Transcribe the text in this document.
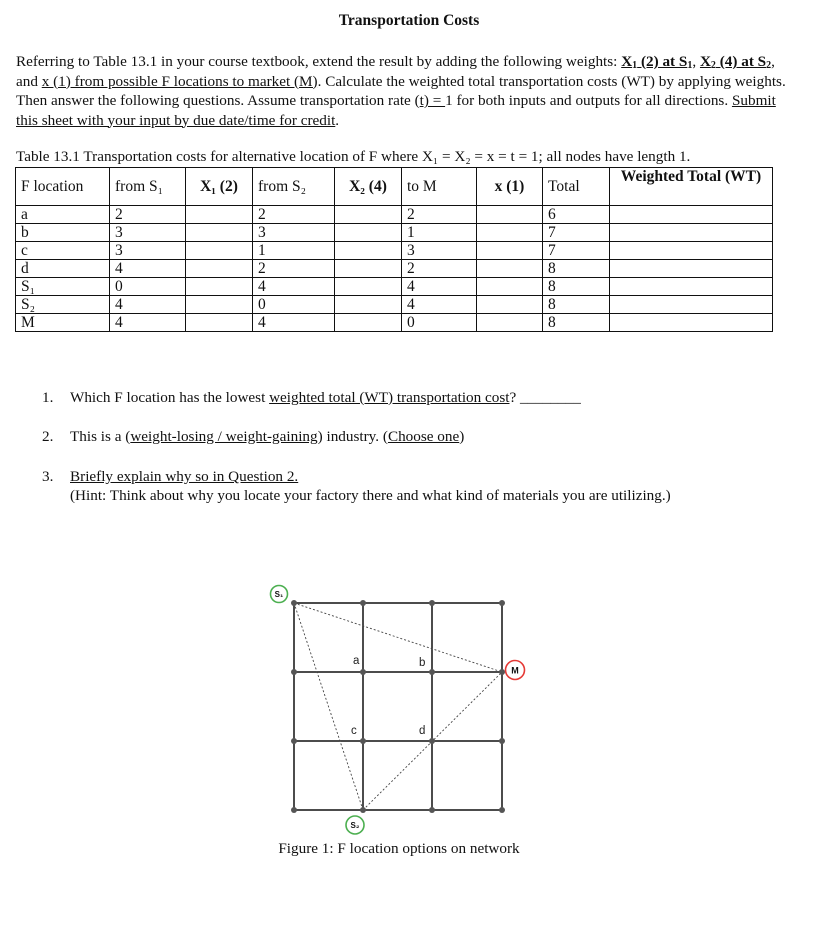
Transportation Costs
Referring to Table 13.1 in your course textbook, extend the result by adding the following weights: $X_1$ (2) at $S_1$, $X_2$ (4) at $S_2$, and x (1) from possible F locations to market (M). Calculate the weighted total transportation costs (WT) by applying weights. Then answer the following questions. Assume transportation rate (t) = 1 for both inputs and outputs for all directions. Submit this sheet with your input by due date/time for credit.
Table 13.1 Transportation costs for alternative location of F where X₁ = X₂ = x = t = 1; all nodes have length 1.
F location	from S₁	X₁ (2)	from S₂	X₂ (4)	to M	x (1)	Total	Weighted Total (WT)
a	2		2		2		6	
b	3		3		1		7	
c	3		1		3		7	
d	4		2		2		8	
S₁	0		4		4		8	
S₂	4		0		4		8	
M	4		4		0		8	
1. Which F location has the lowest weighted total (WT) transportation cost? ________
2. This is a (weight-losing / weight-gaining) industry. (Choose one)
3. Briefly explain why so in Question 2.
(Hint: Think about why you locate your factory there and what kind of materials you are utilizing.)
a	b
c	d
S₁
M
S₂
Figure 1: F location options on network
